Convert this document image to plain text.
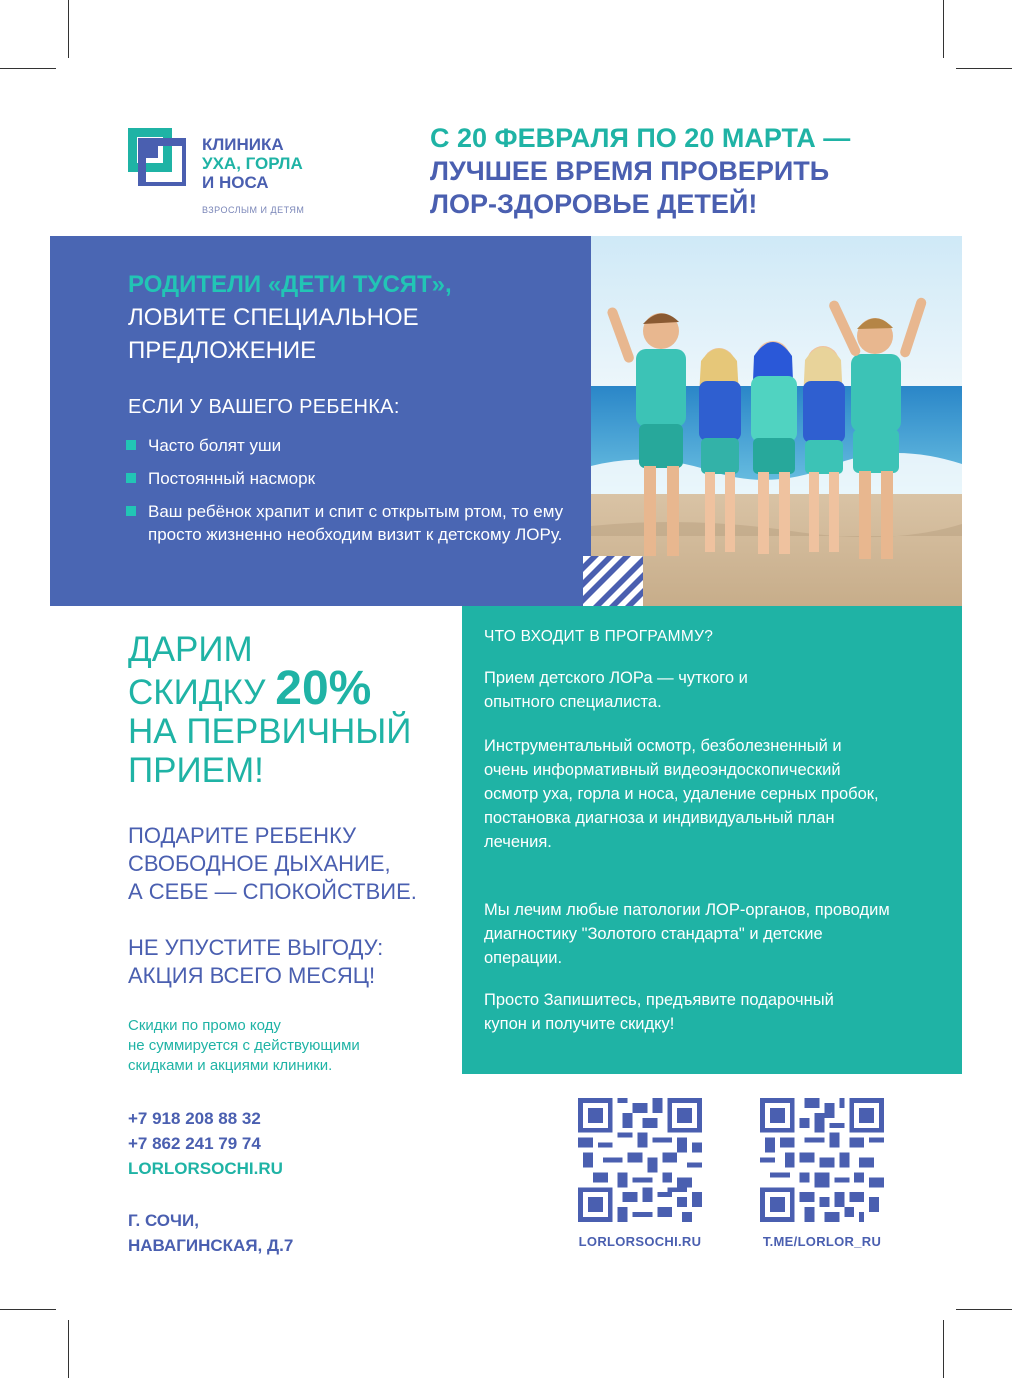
КЛИНИКА
УХА, ГОРЛА
И НОСА
ВЗРОСЛЫМ И ДЕТЯМ
С 20 ФЕВРАЛЯ ПО 20 МАРТА —
ЛУЧШЕЕ ВРЕМЯ ПРОВЕРИТЬ
ЛОР-ЗДОРОВЬЕ ДЕТЕЙ!
РОДИТЕЛИ «ДЕТИ ТУСЯТ»,
ЛОВИТЕ СПЕЦИАЛЬНОЕ
ПРЕДЛОЖЕНИЕ
ЕСЛИ У ВАШЕГО РЕБЕНКА:
Часто болят уши
Постоянный насморк
Ваш ребёнок храпит и спит с открытым ртом, то ему просто жизненно необходим визит к детскому ЛОРу.
ЧТО ВХОДИТ В ПРОГРАММУ?

Прием детского ЛОРа — чуткого и опытного специалиста.

Инструментальный осмотр, безболезненный и очень информативный видеоэндоскопический осмотр уха, горла и носа, удаление серных пробок, постановка диагноза и индивидуальный план лечения.

Мы лечим любые патологии ЛОР-органов, проводим диагностику "Золотого стандарта" и детские операции.

Просто Запишитесь, предъявите подарочный купон и получите скидку!

ДАРИМ
СКИДКУ 20%
НА ПЕРВИЧНЫЙ
ПРИЕМ!
ПОДАРИТЕ РЕБЕНКУ
СВОБОДНОЕ ДЫХАНИЕ,
А СЕБЕ — СПОКОЙСТВИЕ.
НЕ УПУСТИТЕ ВЫГОДУ:
АКЦИЯ ВСЕГО МЕСЯЦ!
Скидки по промо коду
не суммируется с действующими
скидками и акциями клиники.
+7 918 208 88 32
+7 862 241 79 74
LORLORSOCHI.RU
Г. СОЧИ,
НАВАГИНСКАЯ, Д.7	LORLORSOCHI.RU	T.ME/LORLOR_RU
